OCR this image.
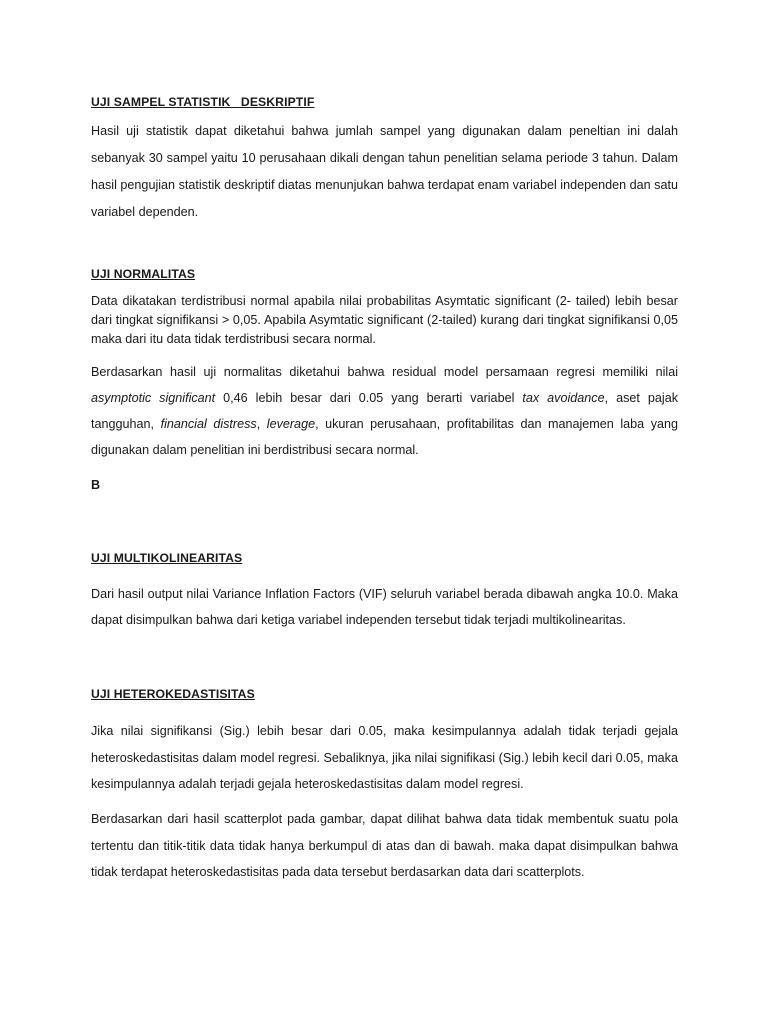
UJI SAMPEL STATISTIK   DESKRIPTIF

Hasil uji statistik dapat diketahui bahwa jumlah sampel yang digunakan dalam peneltian ini dalah sebanyak 30 sampel yaitu 10 perusahaan dikali dengan tahun penelitian selama periode 3 tahun. Dalam hasil pengujian statistik deskriptif diatas menunjukan bahwa terdapat enam variabel independen dan satu variabel dependen.

UJI NORMALITAS

Data dikatakan terdistribusi normal apabila nilai probabilitas Asymtatic significant (2- tailed) lebih besar dari tingkat signifikansi > 0,05. Apabila Asymtatic significant (2-tailed) kurang dari tingkat signifikansi 0,05 maka dari itu data tidak terdistribusi secara normal.

Berdasarkan hasil uji normalitas diketahui bahwa residual model persamaan regresi memiliki nilai asymptotic significant 0,46 lebih besar dari 0.05 yang berarti variabel tax avoidance, aset pajak tangguhan, financial distress, leverage, ukuran perusahaan, profitabilitas dan manajemen laba yang digunakan dalam penelitian ini berdistribusi secara normal.

B
UJI MULTIKOLINEARITAS

Dari hasil output nilai Variance Inflation Factors (VIF) seluruh variabel berada dibawah angka 10.0. Maka dapat disimpulkan bahwa dari ketiga variabel independen tersebut tidak terjadi multikolinearitas.

UJI HETEROKEDASTISITAS

Jika nilai signifikansi (Sig.) lebih besar dari 0.05, maka kesimpulannya adalah tidak terjadi gejala heteroskedastisitas dalam model regresi. Sebaliknya, jika nilai signifikasi (Sig.) lebih kecil dari 0.05, maka kesimpulannya adalah terjadi gejala heteroskedastisitas dalam model regresi.

Berdasarkan dari hasil scatterplot pada gambar, dapat dilihat bahwa data tidak membentuk suatu pola tertentu dan titik-titik data tidak hanya berkumpul di atas dan di bawah. maka dapat disimpulkan bahwa tidak terdapat heteroskedastisitas pada data tersebut berdasarkan data dari scatterplots.
